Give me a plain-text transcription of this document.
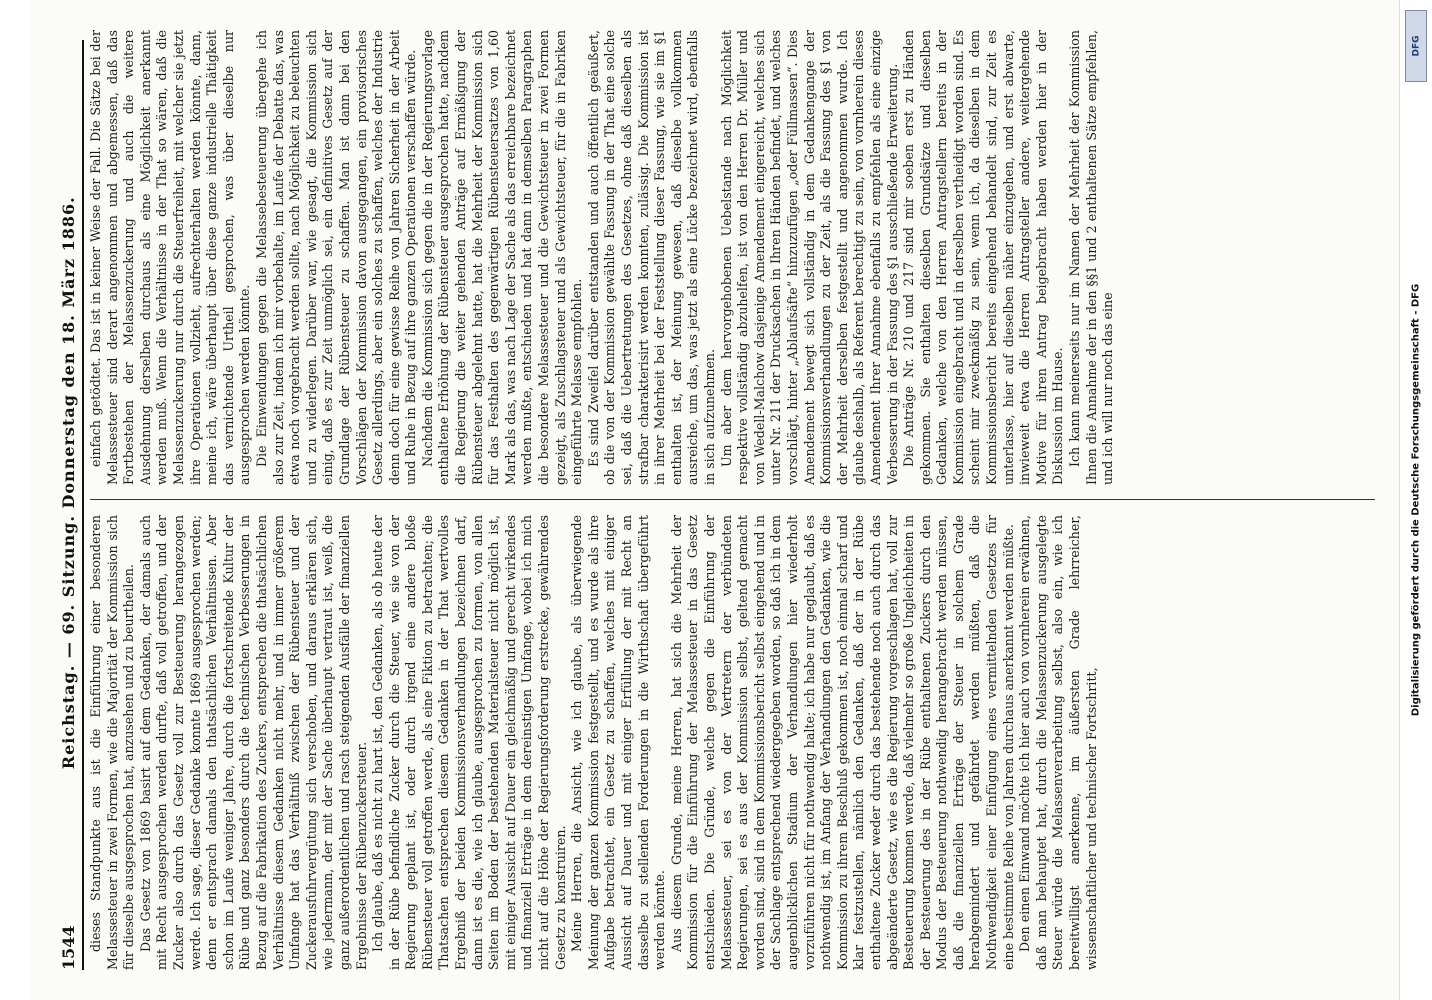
1544
Reichstag. — 69. Sitzung. Donnerstag den 18. März 1886. dieses Standpunkte aus ist die Einführung einer besonderen Melassesteuer in zwei Formen, wie die Majorität der Kommission sich für dieselbe ausgesprochen hat, anzusehen und zu beurtheilen. Das Gesetz von 1869 basirt auf dem Gedanken, der damals auch mit Recht ausgesprochen werden durfte, daß voll getroffen, und der Zucker also durch das Gesetz voll zur Besteuerung herangezogen werde. Ich sage, dieser Gedanke konnte 1869 ausgesprochen werden; denn er entsprach damals den thatsächlichen Verhältnissen. Aber schon im Laufe weniger Jahre, durch die fortschreitende Kultur der Rübe und ganz besonders durch die technischen Verbesserungen in Bezug auf die Fabrikation des Zuckers, entsprechen die thatsächlichen Verhältnisse diesem Gedanken nicht mehr, und in immer größerem Umfange hat das Verhältniß zwischen der Rübensteuer und der Zuckerausfuhrvergütung sich verschoben, und daraus erklären sich, wie jedermann, der mit der Sache überhaupt vertraut ist, weiß, die ganz außerordentlichen und rasch steigenden Ausfälle der finanziellen Ergebnisse der Rübenzuckersteuer. Ich glaube, daß es nicht zu hart ist, den Gedanken, als ob heute der in der Rübe befindliche Zucker durch die Steuer, wie sie von der Regierung geplant ist, oder durch irgend eine andere bloße Rübensteuer voll getroffen werde, als eine Fiktion zu betrachten; die Thatsachen entsprechen diesem Gedanken in der That wertvolles Ergebniß der beiden Kommissionsverhandlungen bezeichnen darf, dann ist es die, wie ich glaube, ausgesprochen zu formen, von allen Seiten im Boden der bestehenden Materialsteuer nicht möglich ist, mit einiger Aussicht auf Dauer ein gleichmäßig und gerecht wirkendes und finanziell Erträge in dem dereinstigen Umfange, wobei ich mich nicht auf die Höhe der Regierungsforderung erstrecke, gewährendes Gesetz zu konstruiren. Meine Herren, die Ansicht, wie ich glaube, als überwiegende Meinung der ganzen Kommission festgestellt, und es wurde als ihre Aufgabe betrachtet, ein Gesetz zu schaffen, welches mit einiger Aussicht auf Dauer und mit einiger Erfüllung der mit Recht an dasselbe zu stellenden Forderungen in die Wirthschaft übergeführt werden könnte. Aus diesem Grunde, meine Herren, hat sich die Mehrheit der Kommission für die Einführung der Melassesteuer in das Gesetz entschieden. Die Gründe, welche gegen die Einführung der Melassesteuer, sei es von der Vertretern der verbündeten Regierungen, sei es aus der Kommission selbst, geltend gemacht worden sind, sind in dem Kommissionsbericht selbst eingehend und in der Sachlage entsprechend wiedergegeben worden, so daß ich in dem augenblicklichen Stadium der Verhandlungen hier wiederholt vorzuführen nicht für nothwendig halte; ich habe nur geglaubt, daß es nothwendig ist, im Anfang der Verhandlungen den Gedanken, wie die Kommission zu ihrem Beschluß gekommen ist, noch einmal scharf und klar festzustellen, nämlich den Gedanken, daß der in der Rübe enthaltene Zucker weder durch das bestehende noch auch durch das abgeänderte Gesetz, wie es die Regierung vorgeschlagen hat, voll zur Besteuerung kommen werde, daß vielmehr so große Ungleichheiten in der Besteuerung des in der Rübe enthaltenen Zuckers durch den Modus der Besteuerung nothwendig herangebracht werden müssen, daß die finanziellen Erträge der Steuer in solchem Grade herabgemindert und gefährdet werden müßten, daß die Nothwendigkeit einer Einfügung eines vermittelnden Gesetzes für eine bestimmte Reihe von Jahren durchaus anerkannt werden müßte. Den einen Einwand möchte ich hier auch von vornherein erwähnen, daß man behauptet hat, durch die Melassenzuckerung ausgelegte Steuer würde die Melassenverarbeitung selbst, also ein, wie ich bereitwilligst anerkenne, im äußersten Grade lehrreicher, wissenschaftlicher und technischer Fortschritt,

einfach getödtet. Das ist in keiner Weise der Fall. Die Sätze bei der Melassesteuer sind derart angenommen und abgemessen, daß das Fortbestehen der Melassenzuckerung und auch die weitere Ausdehnung derselben durchaus als eine Möglichkeit anerkannt werden muß. Wenn die Verhältnisse in der That so wären, daß die Melassenzuckerung nur durch die Steuerfreiheit, mit welcher sie jetzt ihre Operationen vollzieht, aufrechterhalten werden könnte, dann, meine ich, wäre überhaupt über diese ganze industrielle Thätigkeit das vernichtende Urtheil gesprochen, was über dieselbe nur ausgesprochen werden könnte. Die Einwendungen gegen die Melassebesteuerung übergehe ich also zur Zeit, indem ich mir vorbehalte, im Laufe der Debatte das, was etwa noch vorgebracht werden sollte, nach Möglichkeit zu beleuchten und zu widerlegen. Darüber war, wie gesagt, die Kommission sich einig, daß es zur Zeit unmöglich sei, ein definitives Gesetz auf der Grundlage der Rübensteuer zu schaffen. Man ist dann bei den Vorschlägen der Kommission davon ausgegangen, ein provisorisches Gesetz allerdings, aber ein solches zu schaffen, welches der Industrie denn doch für eine gewisse Reihe von Jahren Sicherheit in der Arbeit und Ruhe in Bezug auf ihre ganzen Operationen verschaffen würde. Nachdem die Kommission sich gegen die in der Regierungsvorlage enthaltene Erhöhung der Rübensteuer ausgesprochen hatte, nachdem die Regierung die weiter gehenden Anträge auf Ermäßigung der Rübensteuer abgelehnt hatte, hat die Mehrheit der Kommission sich für das Festhalten des gegenwärtigen Rübensteuersatzes von 1,60 Mark als das, was nach Lage der Sache als das erreichbare bezeichnet werden mußte, entschieden und hat dann in demselben Paragraphen die besondere Melassesteuer und die Gewichtsteuer in zwei Formen gezeigt, als Zuschlagsteuer und als Gewichtsteuer, für die in Fabriken eingeführte Melasse empfohlen. Es sind Zweifel darüber entstanden und auch öffentlich geäußert, ob die von der Kommission gewählte Fassung in der That eine solche sei, daß die Uebertretungen des Gesetzes, ohne daß dieselben als strafbar charakterisirt werden konnten, zulässig. Die Kommission ist in ihrer Mehrheit bei der Feststellung dieser Fassung, wie sie im §1 enthalten ist, der Meinung gewesen, daß dieselbe vollkommen ausreiche, um das, was jetzt als eine Lücke bezeichnet wird, ebenfalls in sich aufzunehmen. Um aber dem hervorgehobenen Uebelstande nach Möglichkeit respektive vollständig abzuhelfen, ist von den Herren Dr. Müller und von Wedell-Malchow dasjenige Amendement eingereicht, welches sich unter Nr. 211 der Drucksachen in Ihren Händen befindet, und welches vorschlägt, hinter „Ablaufsäfte“ hinzuzufügen „oder Füllmassen“. Dies Amendement bewegt sich vollständig in dem Gedankengange der Kommissionsverhandlungen zu der Zeit, als die Fassung des §1 von der Mehrheit derselben festgestellt und angenommen wurde. Ich glaube deshalb, als Referent berechtigt zu sein, von vornherein dieses Amendement Ihrer Annahme ebenfalls zu empfehlen als eine einzige Verbesserung in der Fassung des §1 ausschließende Erweiterung. Die Anträge Nr. 210 und 217 sind mir soeben erst zu Händen gekommen. Sie enthalten dieselben Grundsätze und dieselben Gedanken, welche von den Herren Antragstellern bereits in der Kommission eingebracht und in derselben vertheidigt worden sind. Es scheint mir zweckmäßig zu sein, wenn ich, da dieselben in dem Kommissionsbericht bereits eingehend behandelt sind, zur Zeit es unterlasse, hier auf dieselben näher einzugehen, und erst abwarte, inwieweit etwa die Herren Antragsteller andere, weitergehende Motive für ihren Antrag beigebracht haben werden hier in der Diskussion im Hause. Ich kann meinerseits nur im Namen der Mehrheit der Kommission Ihnen die Annahme der in den §§1 und 2 enthaltenen Sätze empfehlen, und ich will nur noch das eine

DFG
Digitalisierung gefördert durch die Deutsche Forschungsgemeinschaft - DFG
